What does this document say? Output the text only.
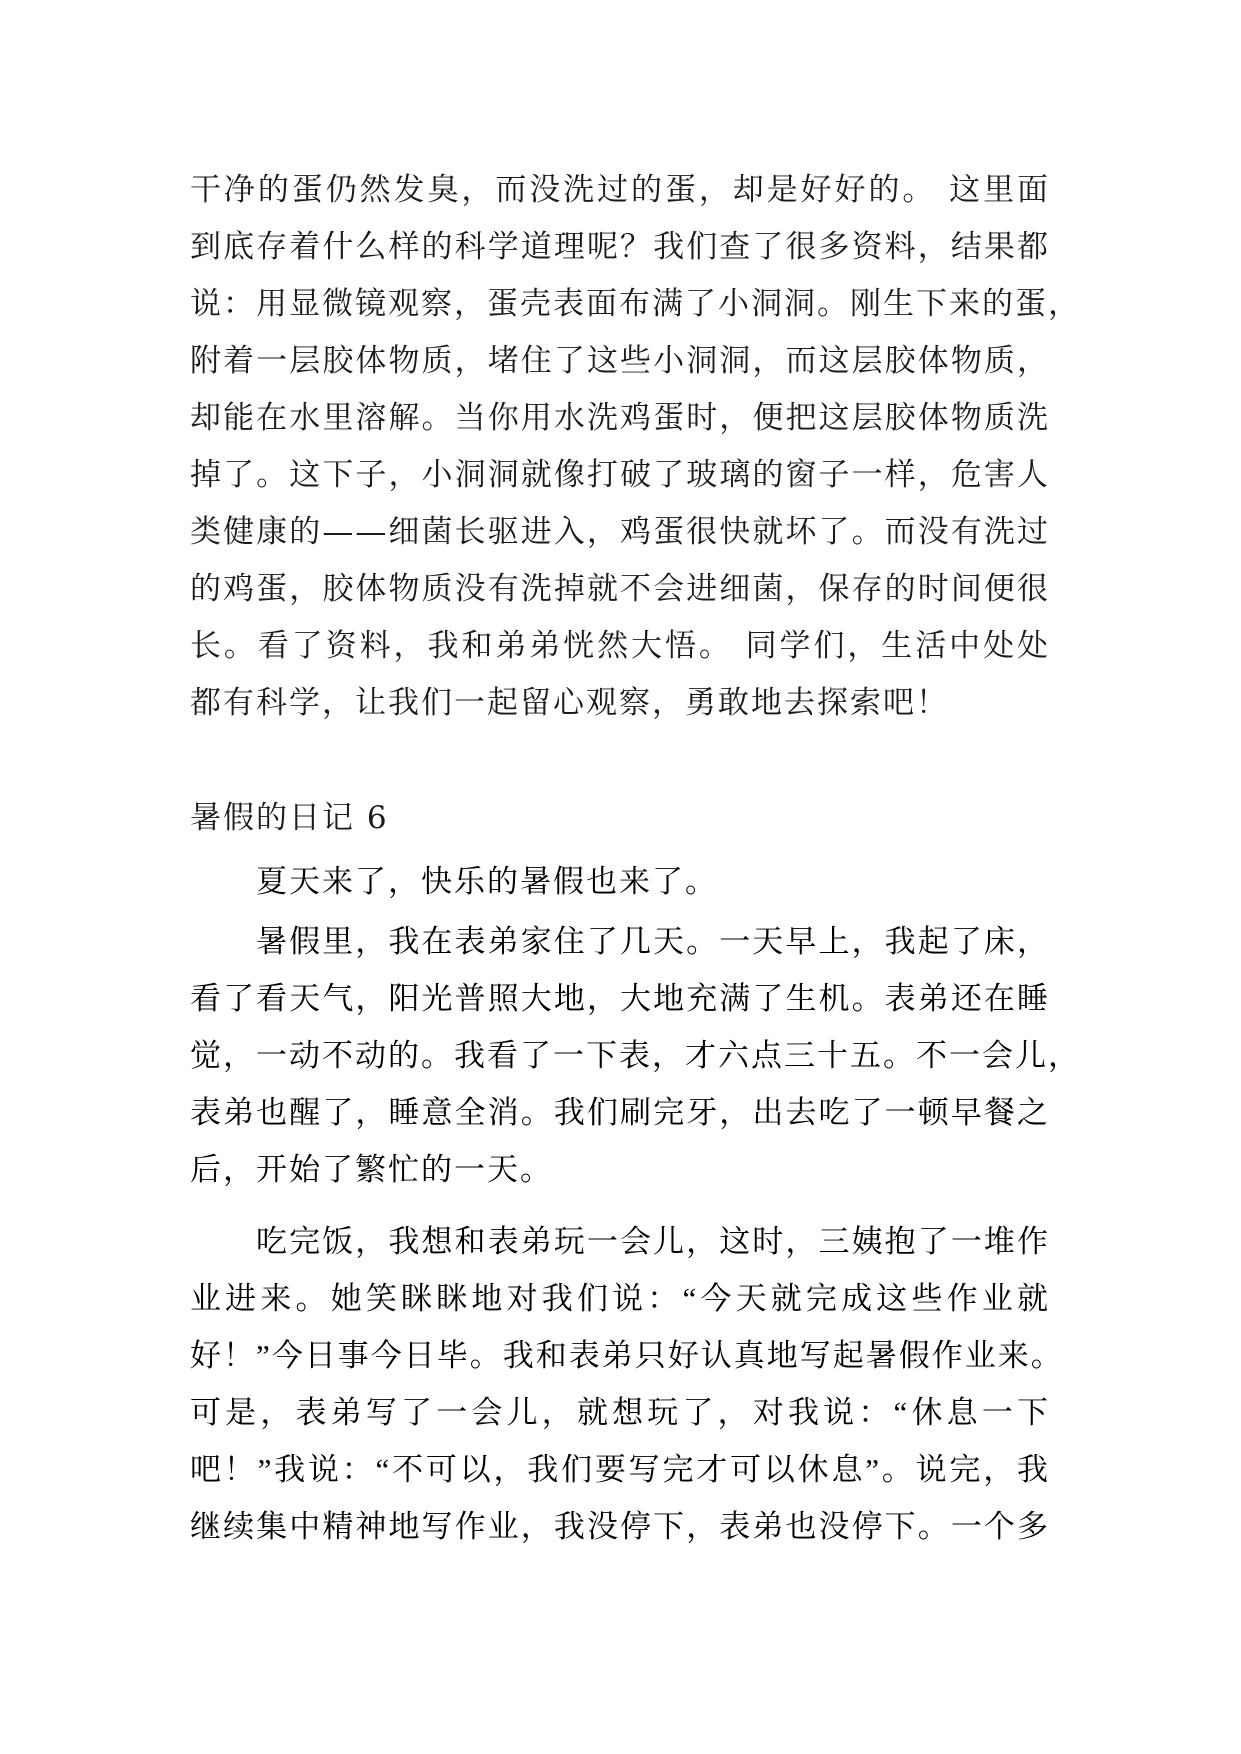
干净的蛋仍然发臭，而没洗过的蛋，却是好好的。 这里面
到底存着什么样的科学道理呢？我们查了很多资料，结果都
说：用显微镜观察，蛋壳表面布满了小洞洞。刚生下来的蛋，
附着一层胶体物质，堵住了这些小洞洞，而这层胶体物质，
却能在水里溶解。当你用水洗鸡蛋时，便把这层胶体物质洗
掉了。这下子，小洞洞就像打破了玻璃的窗子一样，危害人
类健康的——细菌长驱进入，鸡蛋很快就坏了。而没有洗过
的鸡蛋，胶体物质没有洗掉就不会进细菌，保存的时间便很
长。看了资料，我和弟弟恍然大悟。 同学们，生活中处处
都有科学，让我们一起留心观察，勇敢地去探索吧！
暑假的日记 6
夏天来了，快乐的暑假也来了。
暑假里，我在表弟家住了几天。一天早上，我起了床，
看了看天气，阳光普照大地，大地充满了生机。表弟还在睡
觉，一动不动的。我看了一下表，才六点三十五。不一会儿，
表弟也醒了，睡意全消。我们刷完牙，出去吃了一顿早餐之
后，开始了繁忙的一天。
吃完饭，我想和表弟玩一会儿，这时，三姨抱了一堆作
业进来。她笑眯眯地对我们说：“今天就完成这些作业就
好！”今日事今日毕。我和表弟只好认真地写起暑假作业来。
可是，表弟写了一会儿，就想玩了，对我说：“休息一下
吧！”我说：“不可以，我们要写完才可以休息”。说完，我
继续集中精神地写作业，我没停下，表弟也没停下。一个多
